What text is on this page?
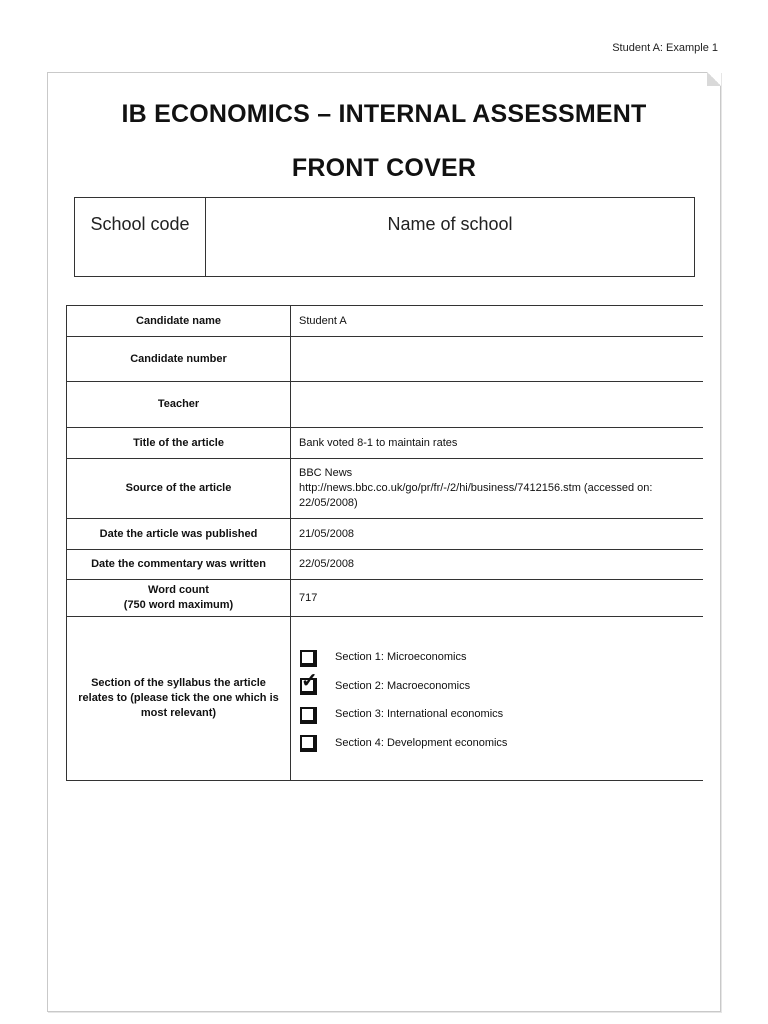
Student A: Example 1
IB ECONOMICS – INTERNAL ASSESSMENT
FRONT COVER
School code	Name of school
Candidate name	Student A
Candidate number	
Teacher	
Title of the article	Bank voted 8-1 to maintain rates
Source of the article	BBC News
http://news.bbc.co.uk/go/pr/fr/-/2/hi/business/7412156.stm (accessed on:
22/05/2008)
Date the article was published	21/05/2008
Date the commentary was written	22/05/2008
Word count
(750 word maximum)	717
Section of the syllabus the article relates to (please tick the one which is most relevant)	Section 1: Microeconomics
✓ Section 2: Macroeconomics
Section 3: International economics
Section 4: Development economics
